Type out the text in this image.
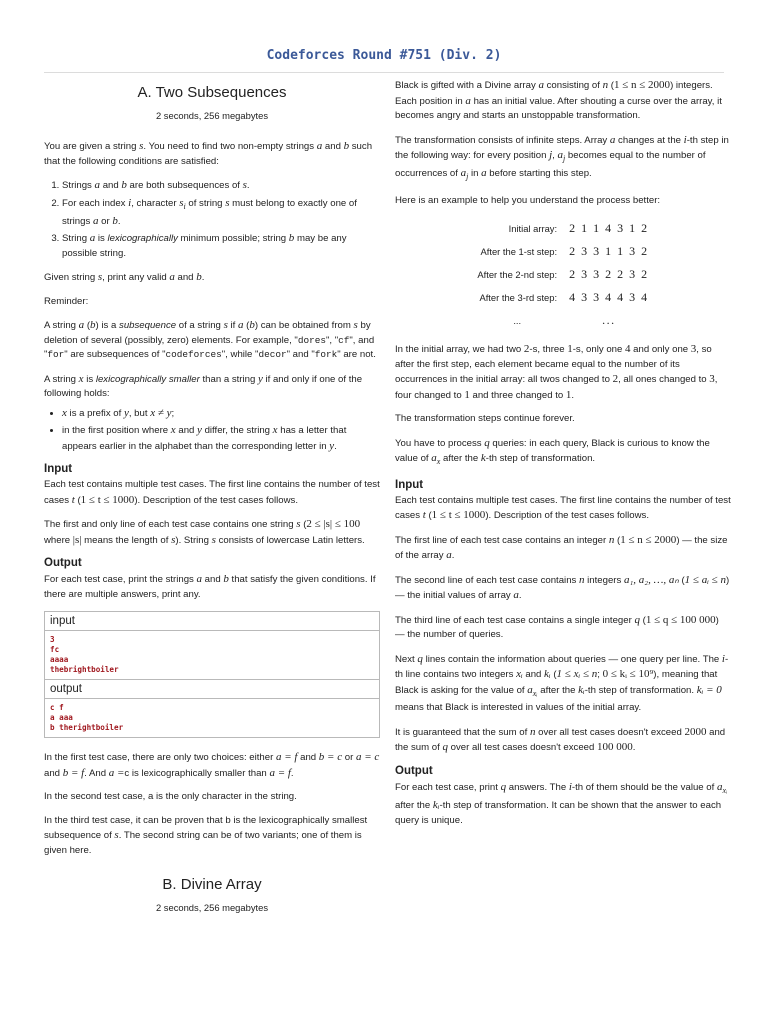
Codeforces Round #751 (Div. 2)
A. Two Subsequences
2 seconds, 256 megabytes

You are given a string s. You need to find two non-empty strings a and b such that the following conditions are satisfied:

1. Strings a and b are both subsequences of s.
2. For each index i, character $s_i$ of string s must belong to exactly one of strings a or b.
3. String a is lexicographically minimum possible; string b may be any possible string.

Given string s, print any valid a and b.

Reminder:

A string a (b) is a subsequence of a string s if a (b) can be obtained from s by deletion of several (possibly, zero) elements. For example, "dores", "cf", and "for" are subsequences of "codeforces", while "decor" and "fork" are not.

A string x is lexicographically smaller than a string y if and only if one of the following holds:

• x is a prefix of y, but x ≠ y;
• in the first position where x and y differ, the string x has a letter that appears earlier in the alphabet than the corresponding letter in y.
Input

Each test contains multiple test cases. The first line contains the number of test cases t (1 ≤ t ≤ 1000). Description of the test cases follows.

The first and only line of each test case contains one string s (2 ≤ |s| ≤ 100 where |s| means the length of s). String s consists of lowercase Latin letters.

Output

For each test case, print the strings a and b that satisfy the given conditions. If there are multiple answers, print any.

input
3
fc
aaaa
thebrightboiler
output
c f
a aaa
b therightboiler

In the first test case, there are only two choices: either a = f and b = c or a = c and b = f. And a =c is lexicographically smaller than a = f.

In the second test case, a is the only character in the string.

In the third test case, it can be proven that b is the lexicographically smallest subsequence of s. The second string can be of two variants; one of them is given here.

B. Divine Array
2 seconds, 256 megabytes

Black is gifted with a Divine array a consisting of n (1 ≤ n ≤ 2000) integers. Each position in a has an initial value. After shouting a curse over the array, it becomes angry and starts an unstoppable transformation.

The transformation consists of infinite steps. Array a changes at the i-th step in the following way: for every position j, $a_j$ becomes equal to the number of occurrences of $a_j$ in a before starting this step.

Here is an example to help you understand the process better:

Initial array:	2 1 1 4 3 1 2
After the 1-st step:	2 3 3 1 1 3 2
After the 2-nd step:	2 3 3 2 2 3 2
After the 3-rd step:	4 3 3 4 4 3 4
...	...

In the initial array, we had two 2-s, three 1-s, only one 4 and only one 3, so after the first step, each element became equal to the number of its occurrences in the initial array: all twos changed to 2, all ones changed to 3, four changed to 1 and three changed to 1.

The transformation steps continue forever.

You have to process q queries: in each query, Black is curious to know the value of $a_x$ after the k-th step of transformation.

Input

Each test contains multiple test cases. The first line contains the number of test cases t (1 ≤ t ≤ 1000). Description of the test cases follows.

The first line of each test case contains an integer n (1 ≤ n ≤ 2000) — the size of the array a.

The second line of each test case contains n integers a₁, a₂, …, aₙ (1 ≤ aᵢ ≤ n) — the initial values of array a.

The third line of each test case contains a single integer q (1 ≤ q ≤ 100 000) — the number of queries.

Next q lines contain the information about queries — one query per line. The i-th line contains two integers xᵢ and kᵢ (1 ≤ xᵢ ≤ n; 0 ≤ kᵢ ≤ 10⁹), meaning that Black is asking for the value of $a_{xᵢ}$ after the kᵢ-th step of transformation. kᵢ = 0 means that Black is interested in values of the initial array.

It is guaranteed that the sum of n over all test cases doesn't exceed 2000 and the sum of q over all test cases doesn't exceed 100 000.

Output

For each test case, print q answers. The i-th of them should be the value of $a_{xᵢ}$ after the kᵢ-th step of transformation. It can be shown that the answer to each query is unique.
